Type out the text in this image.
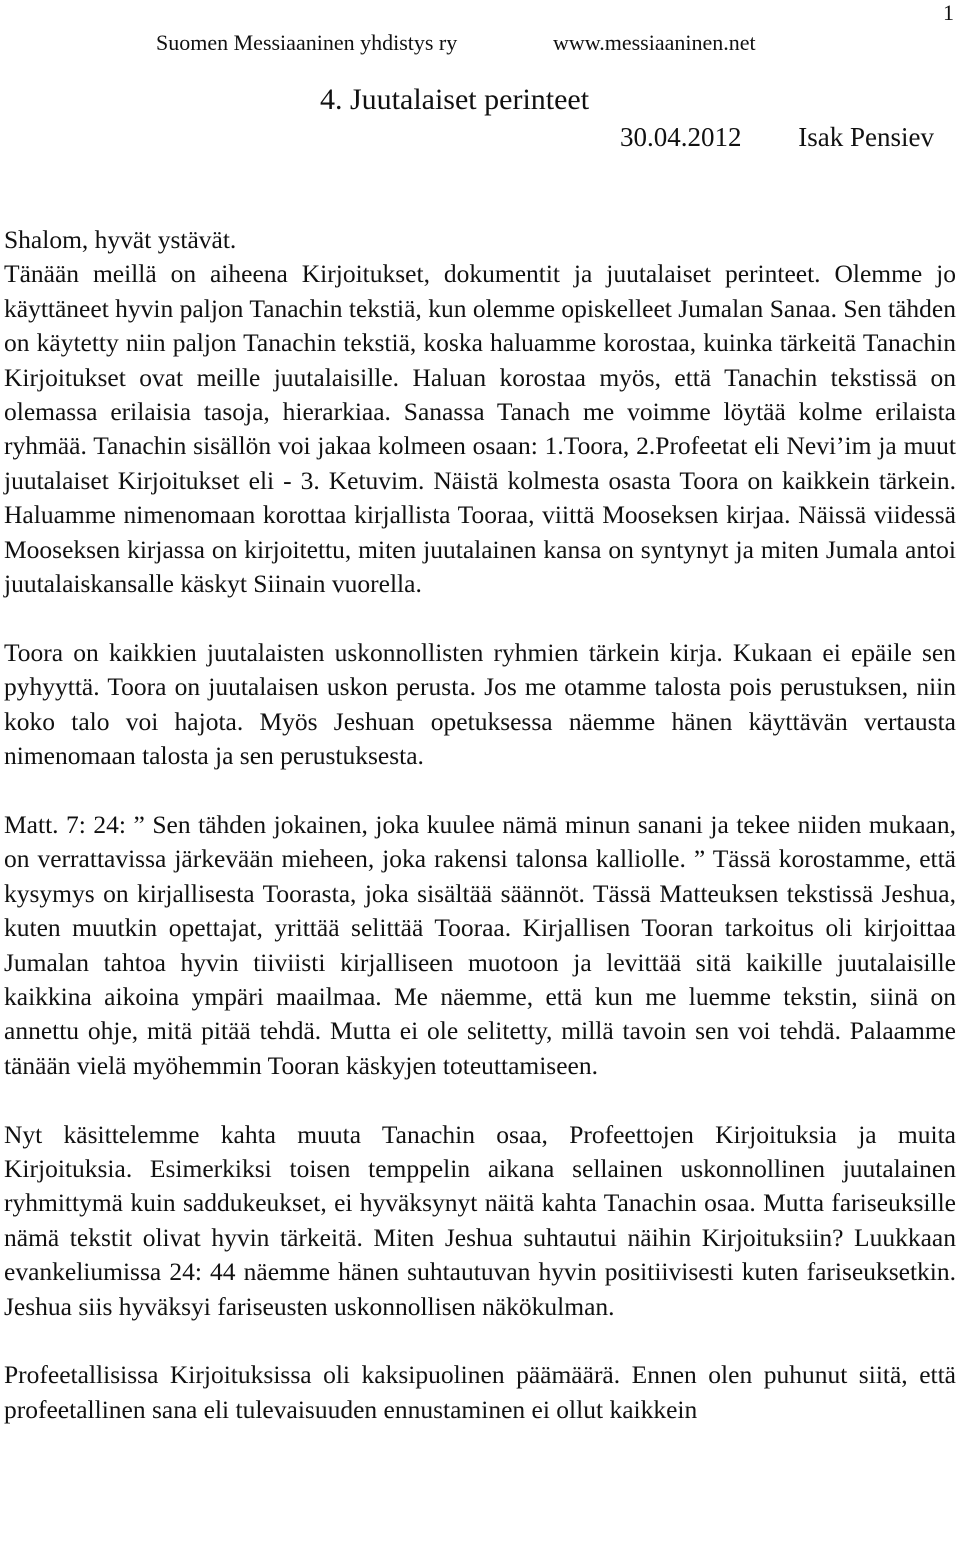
1
Suomen Messiaaninen yhdistys ry	www.messiaaninen.net
4. Juutalaiset perinteet
30.04.2012 Isak Pensiev

Shalom, hyvät ystävät.

Tänään meillä on aiheena Kirjoitukset, dokumentit ja juutalaiset perinteet. Olemme jo käyttäneet hyvin paljon Tanachin tekstiä, kun olemme opiskelleet Jumalan Sanaa. Sen tähden on käytetty niin paljon Tanachin tekstiä, koska haluamme korostaa, kuinka tärkeitä Tanachin Kirjoitukset ovat meille juutalaisille. Haluan korostaa myös, että Tanachin tekstissä on olemassa erilaisia tasoja, hierarkiaa. Sanassa Tanach me voimme löytää kolme erilaista ryhmää. Tanachin sisällön voi jakaa kolmeen osaan: 1.Toora, 2.Profeetat eli Nevi’im ja muut juutalaiset Kirjoitukset eli - 3. Ketuvim. Näistä kolmesta osasta Toora on kaikkein tärkein. Haluamme nimenomaan korottaa kirjallista Tooraa, viittä Mooseksen kirjaa. Näissä viidessä Mooseksen kirjassa on kirjoitettu, miten juutalainen kansa on syntynyt ja miten Jumala antoi juutalaiskansalle käskyt Siinain vuorella.

Toora on kaikkien juutalaisten uskonnollisten ryhmien tärkein kirja. Kukaan ei epäile sen pyhyyttä. Toora on juutalaisen uskon perusta. Jos me otamme talosta pois perustuksen, niin koko talo voi hajota. Myös Jeshuan opetuksessa näemme hänen käyttävän vertausta nimenomaan talosta ja sen perustuksesta.

Matt. 7: 24: ” Sen tähden jokainen, joka kuulee nämä minun sanani ja tekee niiden mukaan, on verrattavissa järkevään mieheen, joka rakensi talonsa kalliolle. ” Tässä korostamme, että kysymys on kirjallisesta Toorasta, joka sisältää säännöt. Tässä Matteuksen tekstissä Jeshua, kuten muutkin opettajat, yrittää selittää Tooraa. Kirjallisen Tooran tarkoitus oli kirjoittaa Jumalan tahtoa hyvin tiiviisti kirjalliseen muotoon ja levittää sitä kaikille juutalaisille kaikkina aikoina ympäri maailmaa. Me näemme, että kun me luemme tekstin, siinä on annettu ohje, mitä pitää tehdä. Mutta ei ole selitetty, millä tavoin sen voi tehdä. Palaamme tänään vielä myöhemmin Tooran käskyjen toteuttamiseen.

Nyt käsittelemme kahta muuta Tanachin osaa, Profeettojen Kirjoituksia ja muita Kirjoituksia. Esimerkiksi toisen temppelin aikana sellainen uskonnollinen juutalainen ryhmittymä kuin saddukeukset, ei hyväksynyt näitä kahta Tanachin osaa. Mutta fariseuksille nämä tekstit olivat hyvin tärkeitä. Miten Jeshua suhtautui näihin Kirjoituksiin? Luukkaan evankeliumissa 24: 44 näemme hänen suhtautuvan hyvin positiivisesti kuten fariseuksetkin. Jeshua siis hyväksyi fariseusten uskonnollisen näkökulman.

Profeetallisissa Kirjoituksissa oli kaksipuolinen päämäärä. Ennen olen puhunut siitä, että profeetallinen sana eli tulevaisuuden ennustaminen ei ollut kaikkein
